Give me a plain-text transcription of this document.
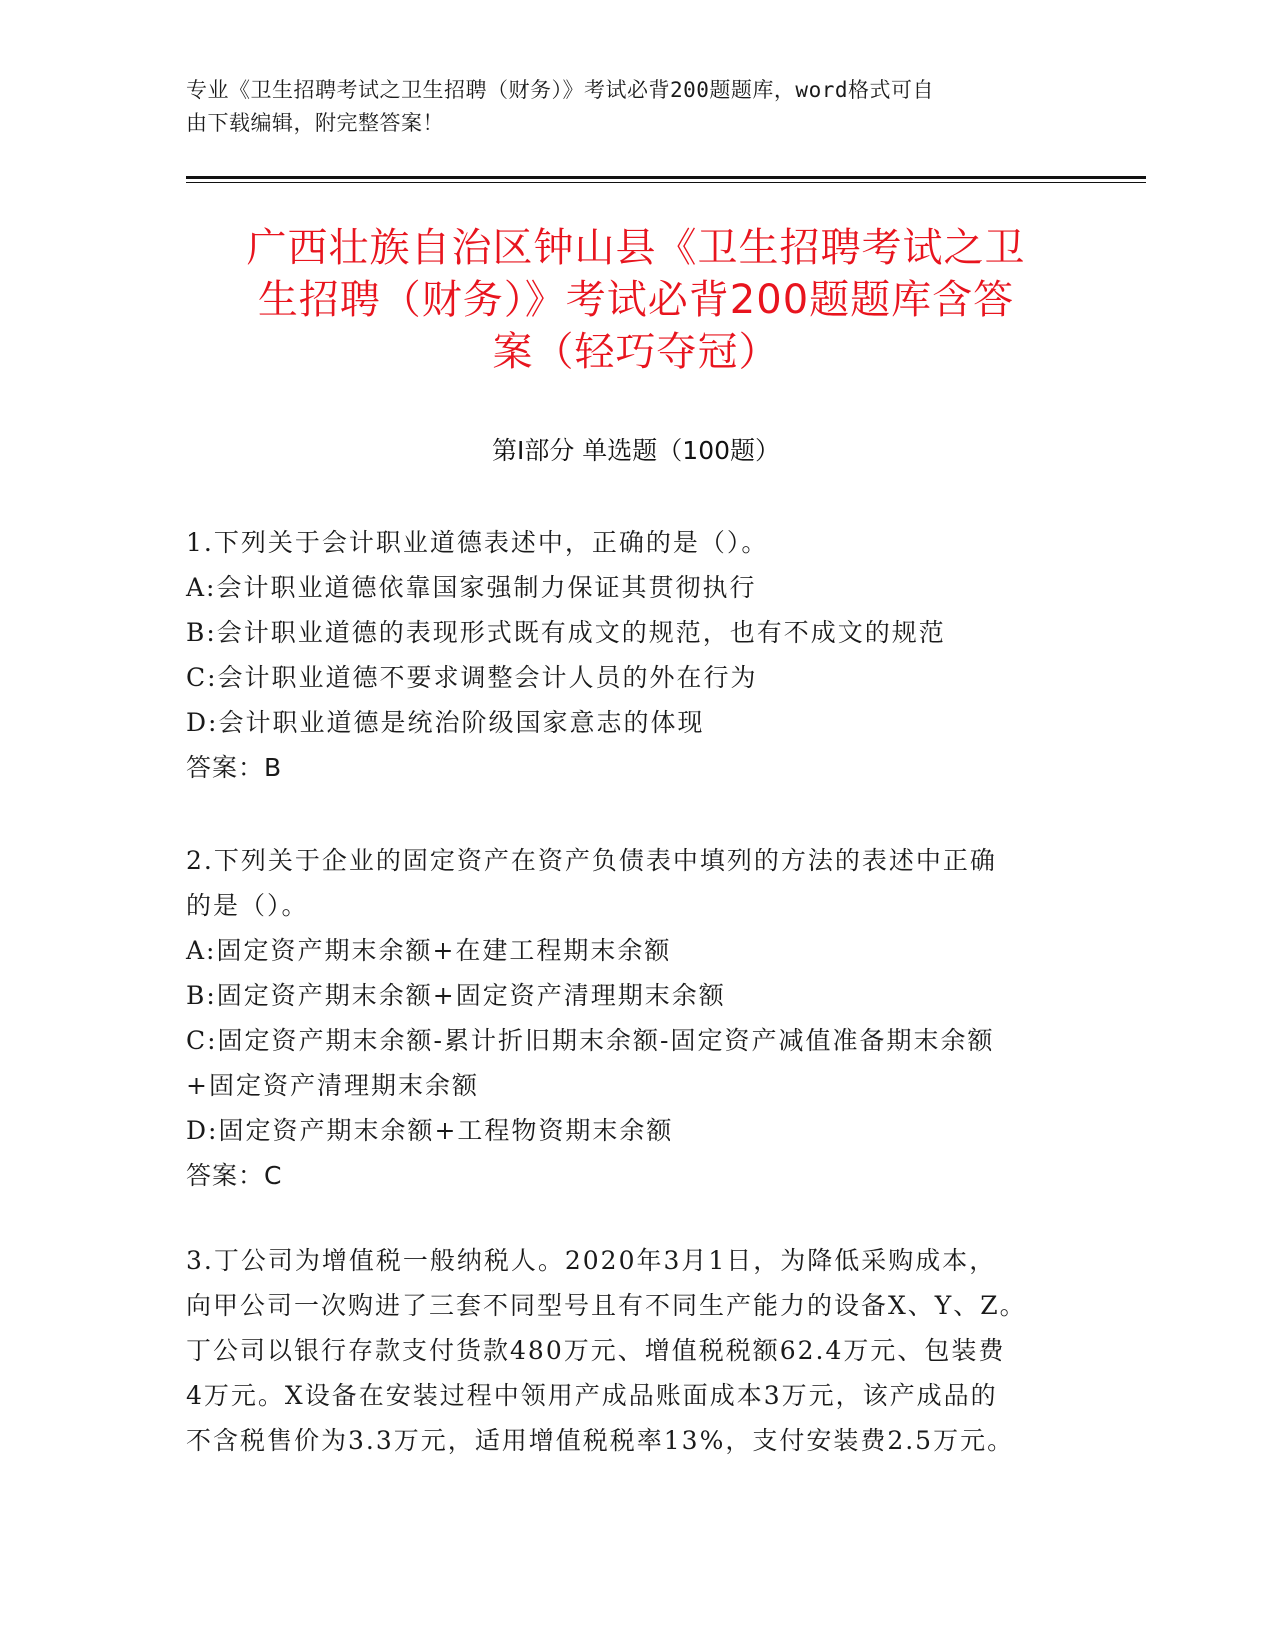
专业《卫生招聘考试之卫生招聘（财务）》考试必背200题题库，word格式可自
由下载编辑，附完整答案！
广西壮族自治区钟山县《卫生招聘考试之卫
生招聘（财务）》考试必背200题题库含答
案（轻巧夺冠）
第Ⅰ部分 单选题（100题）
1.下列关于会计职业道德表述中，正确的是（）。
A:会计职业道德依靠国家强制力保证其贯彻执行
B:会计职业道德的表现形式既有成文的规范，也有不成文的规范
C:会计职业道德不要求调整会计人员的外在行为
D:会计职业道德是统治阶级国家意志的体现
答案：B
2.下列关于企业的固定资产在资产负债表中填列的方法的表述中正确
的是（）。
A:固定资产期末余额+在建工程期末余额
B:固定资产期末余额+固定资产清理期末余额
C:固定资产期末余额-累计折旧期末余额-固定资产减值准备期末余额
+固定资产清理期末余额
D:固定资产期末余额+工程物资期末余额
答案：C
3.丁公司为增值税一般纳税人。2020年3月1日，为降低采购成本，
向甲公司一次购进了三套不同型号且有不同生产能力的设备X、Y、Z。
丁公司以银行存款支付货款480万元、增值税税额62.4万元、包装费
4万元。X设备在安装过程中领用产成品账面成本3万元，该产成品的
不含税售价为3.3万元，适用增值税税率13%，支付安装费2.5万元。
